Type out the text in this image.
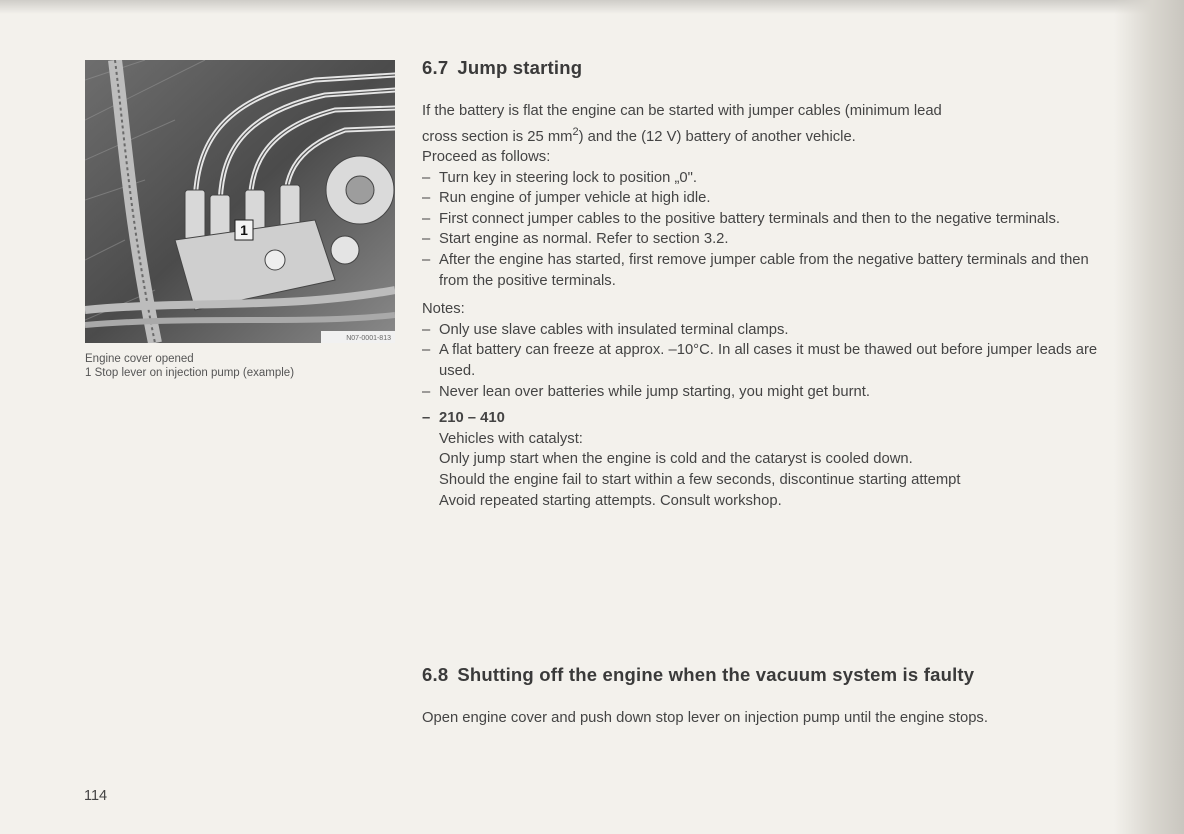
1
N07-0001-813
Engine cover opened
1 Stop lever on injection pump (example)
6.7 Jump starting
If the battery is flat the engine can be started with jumper cables (minimum lead
cross section is 25 $mm^2$) and the (12 V) battery of another vehicle.
Proceed as follows:
– Turn key in steering lock to position „0".
– Run engine of jumper vehicle at high idle.
– First connect jumper cables to the positive battery terminals and then to the negative terminals.
– Start engine as normal. Refer to section 3.2.
– After the engine has started, first remove jumper cable from the negative battery terminals and then from the positive terminals.
Notes:
– Only use slave cables with insulated terminal clamps.
– A flat battery can freeze at approx. –10°C. In all cases it must be thawed out before jumper leads are used.
– Never lean over batteries while jump starting, you might get burnt.
– 210 – 410
Vehicles with catalyst:
Only jump start when the engine is cold and the cataryst is cooled down.
Should the engine fail to start within a few seconds, discontinue starting attempt
Avoid repeated starting attempts. Consult workshop.
6.8 Shutting off the engine when the vacuum system is faulty
Open engine cover and push down stop lever on injection pump until the engine stops.
114
